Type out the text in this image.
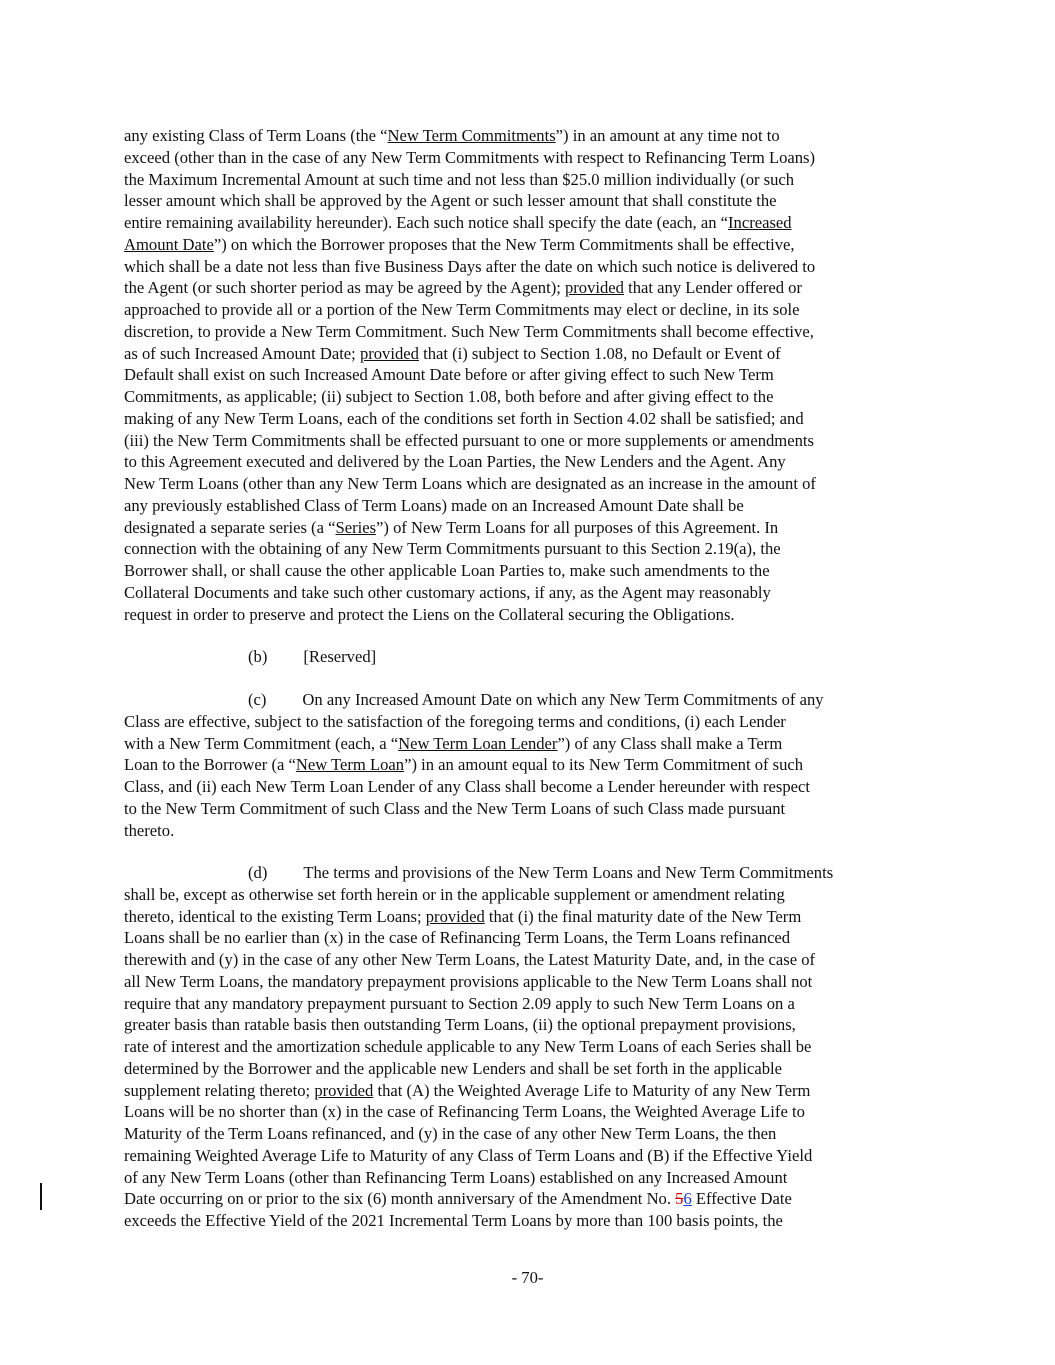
any existing Class of Term Loans (the “New Term Commitments”) in an amount at any time not to
exceed (other than in the case of any New Term Commitments with respect to Refinancing Term Loans)
the Maximum Incremental Amount at such time and not less than $25.0 million individually (or such
lesser amount which shall be approved by the Agent or such lesser amount that shall constitute the
entire remaining availability hereunder). Each such notice shall specify the date (each, an “Increased
Amount Date”) on which the Borrower proposes that the New Term Commitments shall be effective,
which shall be a date not less than five Business Days after the date on which such notice is delivered to
the Agent (or such shorter period as may be agreed by the Agent); provided that any Lender offered or
approached to provide all or a portion of the New Term Commitments may elect or decline, in its sole
discretion, to provide a New Term Commitment. Such New Term Commitments shall become effective,
as of such Increased Amount Date; provided that (i) subject to Section 1.08, no Default or Event of
Default shall exist on such Increased Amount Date before or after giving effect to such New Term
Commitments, as applicable; (ii) subject to Section 1.08, both before and after giving effect to the
making of any New Term Loans, each of the conditions set forth in Section 4.02 shall be satisfied; and
(iii) the New Term Commitments shall be effected pursuant to one or more supplements or amendments
to this Agreement executed and delivered by the Loan Parties, the New Lenders and the Agent. Any
New Term Loans (other than any New Term Loans which are designated as an increase in the amount of
any previously established Class of Term Loans) made on an Increased Amount Date shall be
designated a separate series (a “Series”) of New Term Loans for all purposes of this Agreement. In
connection with the obtaining of any New Term Commitments pursuant to this Section 2.19(a), the
Borrower shall, or shall cause the other applicable Loan Parties to, make such amendments to the
Collateral Documents and take such other customary actions, if any, as the Agent may reasonably
request in order to preserve and protect the Liens on the Collateral securing the Obligations.
(b) [Reserved]
(c) On any Increased Amount Date on which any New Term Commitments of any
Class are effective, subject to the satisfaction of the foregoing terms and conditions, (i) each Lender
with a New Term Commitment (each, a “New Term Loan Lender”) of any Class shall make a Term
Loan to the Borrower (a “New Term Loan”) in an amount equal to its New Term Commitment of such
Class, and (ii) each New Term Loan Lender of any Class shall become a Lender hereunder with respect
to the New Term Commitment of such Class and the New Term Loans of such Class made pursuant
thereto.
(d) The terms and provisions of the New Term Loans and New Term Commitments
shall be, except as otherwise set forth herein or in the applicable supplement or amendment relating
thereto, identical to the existing Term Loans; provided that (i) the final maturity date of the New Term
Loans shall be no earlier than (x) in the case of Refinancing Term Loans, the Term Loans refinanced
therewith and (y) in the case of any other New Term Loans, the Latest Maturity Date, and, in the case of
all New Term Loans, the mandatory prepayment provisions applicable to the New Term Loans shall not
require that any mandatory prepayment pursuant to Section 2.09 apply to such New Term Loans on a
greater basis than ratable basis then outstanding Term Loans, (ii) the optional prepayment provisions,
rate of interest and the amortization schedule applicable to any New Term Loans of each Series shall be
determined by the Borrower and the applicable new Lenders and shall be set forth in the applicable
supplement relating thereto; provided that (A) the Weighted Average Life to Maturity of any New Term
Loans will be no shorter than (x) in the case of Refinancing Term Loans, the Weighted Average Life to
Maturity of the Term Loans refinanced, and (y) in the case of any other New Term Loans, the then
remaining Weighted Average Life to Maturity of any Class of Term Loans and (B) if the Effective Yield
of any New Term Loans (other than Refinancing Term Loans) established on any Increased Amount
Date occurring on or prior to the six (6) month anniversary of the Amendment No. 56 Effective Date
exceeds the Effective Yield of the 2021 Incremental Term Loans by more than 100 basis points, the
- 70-
